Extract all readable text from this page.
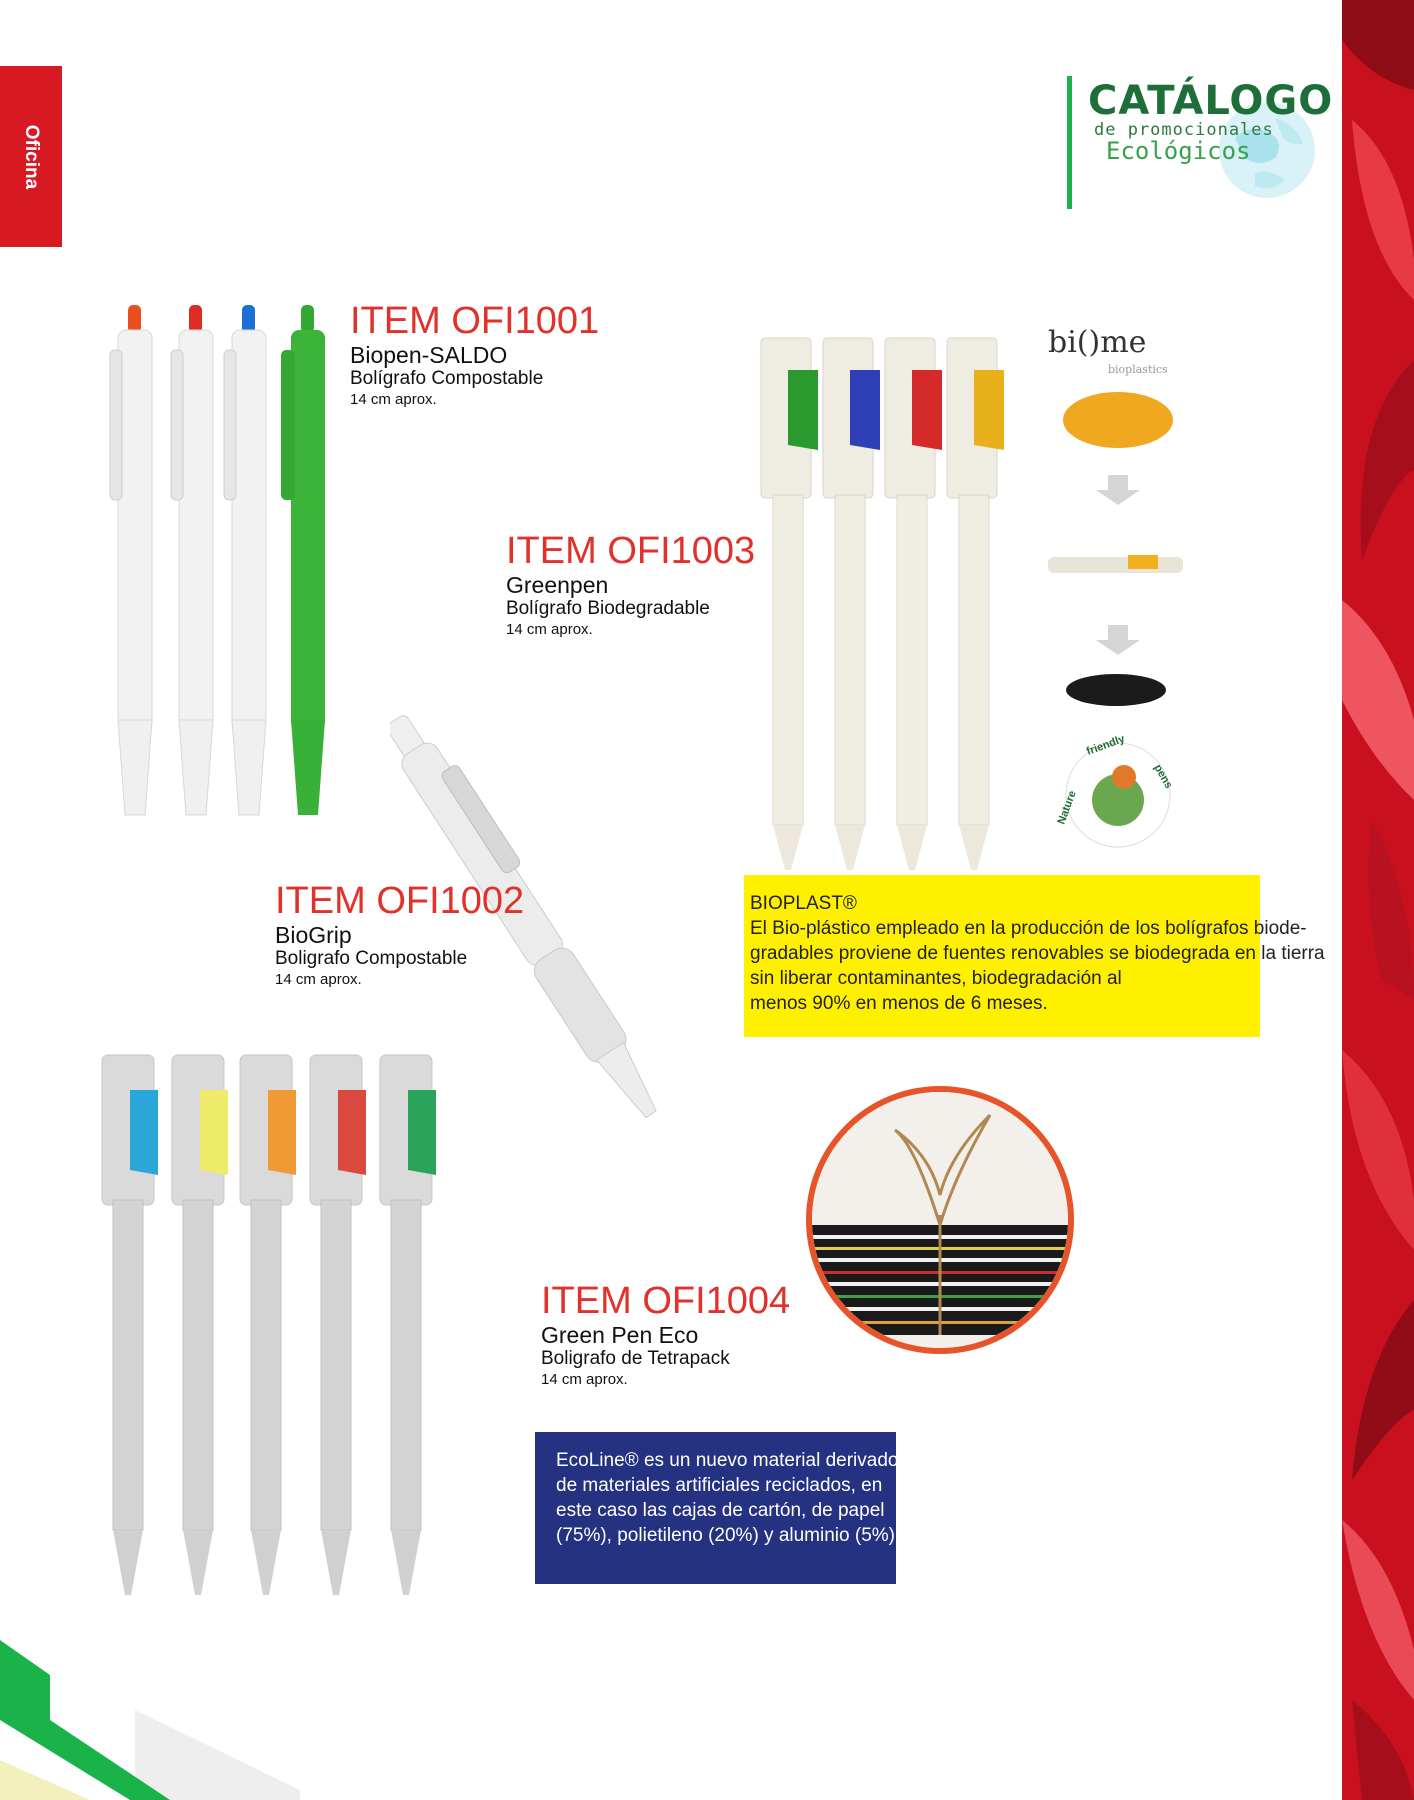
Oficina
CATÁLOGO
de promocionales
Ecológicos
ITEM OFI1001
Biopen-SALDO
Bolígrafo Compostable
14 cm aprox.
bi()me
bioplastics
Nature
friendly
pens
ITEM OFI1003
Greenpen
Bolígrafo Biodegradable
14 cm aprox.
ITEM OFI1002
BioGrip
Boligrafo Compostable
14 cm aprox.
BIOPLAST®
El Bio-plástico empleado en la producción de los bolígrafos biode-
gradables proviene de fuentes renovables se biodegrada en la tierra
sin liberar contaminantes, biodegradación al
menos 90% en menos de 6 meses.
ITEM OFI1004
Green Pen Eco
Boligrafo de Tetrapack
14 cm aprox.
EcoLine® es un nuevo material derivado
de materiales artificiales reciclados, en
este caso las cajas de cartón, de papel
(75%), polietileno (20%) y aluminio (5%).
